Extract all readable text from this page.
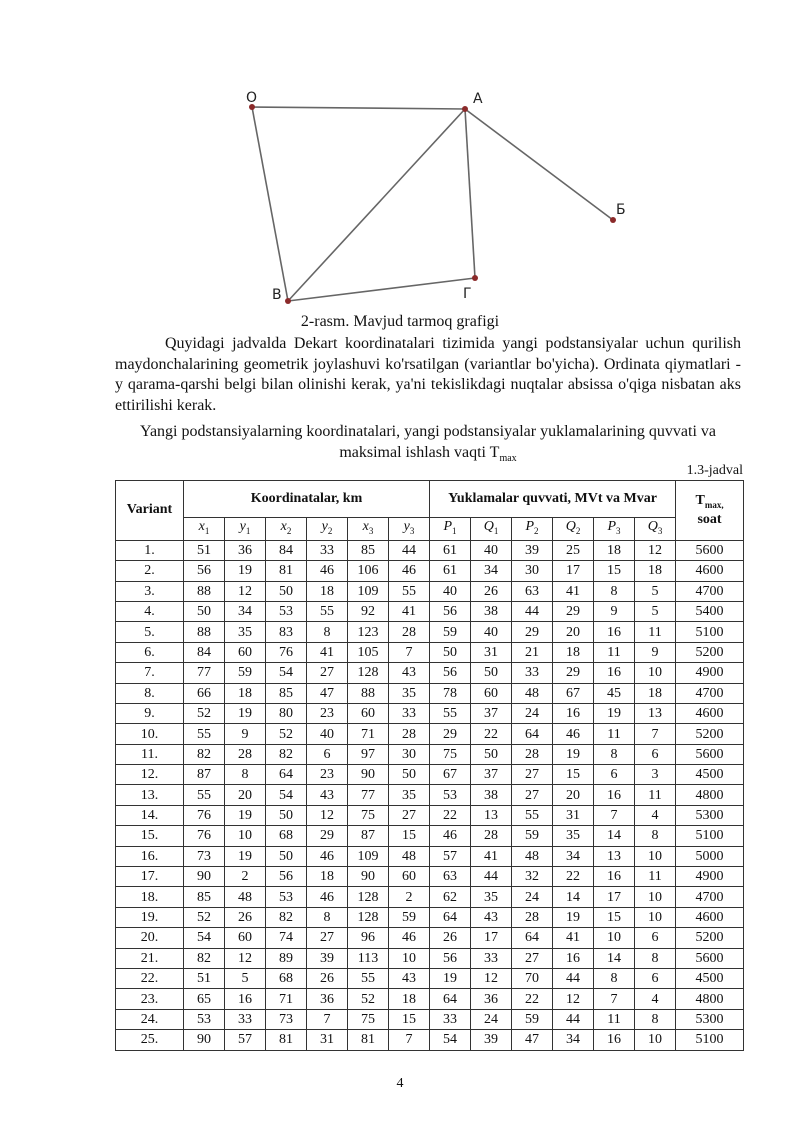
O	A
Б
B	Г
2-rasm. Mavjud tarmoq grafigi

Quyidagi jadvalda Dekart koordinatalari tizimida yangi podstansiyalar uchun qurilish maydonchalarining geometrik joylashuvi ko'rsatilgan (variantlar bo'yicha). Ordinata qiymatlari - y qarama-qarshi belgi bilan olinishi kerak, ya'ni tekislikdagi nuqtalar absissa o'qiga nisbatan aks ettirilishi kerak.

Yangi podstansiyalarning koordinatalari, yangi podstansiyalar yuklamalarining quvvati va maksimal ishlash vaqti $T_{max}$
1.3-jadval
Variant	Koordinatalar, km						Yuklamalar quvvati, MVt va Mvar						$T_{max,}$
soat
	$x_1$	$y_1$	$x_2$	$y_2$	$x_3$	$y_3$	$P_1$	$Q_1$	$P_2$	$Q_2$	$P_3$	$Q_3$
1.	51	36	84	33	85	44	61	40	39	25	18	12	5600
2.	56	19	81	46	106	46	61	34	30	17	15	18	4600
3.	88	12	50	18	109	55	40	26	63	41	8	5	4700
4.	50	34	53	55	92	41	56	38	44	29	9	5	5400
5.	88	35	83	8	123	28	59	40	29	20	16	11	5100
6.	84	60	76	41	105	7	50	31	21	18	11	9	5200
7.	77	59	54	27	128	43	56	50	33	29	16	10	4900
8.	66	18	85	47	88	35	78	60	48	67	45	18	4700
9.	52	19	80	23	60	33	55	37	24	16	19	13	4600
10.	55	9	52	40	71	28	29	22	64	46	11	7	5200
11.	82	28	82	6	97	30	75	50	28	19	8	6	5600
12.	87	8	64	23	90	50	67	37	27	15	6	3	4500
13.	55	20	54	43	77	35	53	38	27	20	16	11	4800
14.	76	19	50	12	75	27	22	13	55	31	7	4	5300
15.	76	10	68	29	87	15	46	28	59	35	14	8	5100
16.	73	19	50	46	109	48	57	41	48	34	13	10	5000
17.	90	2	56	18	90	60	63	44	32	22	16	11	4900
18.	85	48	53	46	128	2	62	35	24	14	17	10	4700
19.	52	26	82	8	128	59	64	43	28	19	15	10	4600
20.	54	60	74	27	96	46	26	17	64	41	10	6	5200
21.	82	12	89	39	113	10	56	33	27	16	14	8	5600
22.	51	5	68	26	55	43	19	12	70	44	8	6	4500
23.	65	16	71	36	52	18	64	36	22	12	7	4	4800
24.	53	33	73	7	75	15	33	24	59	44	11	8	5300
25.	90	57	81	31	81	7	54	39	47	34	16	10	5100
4
